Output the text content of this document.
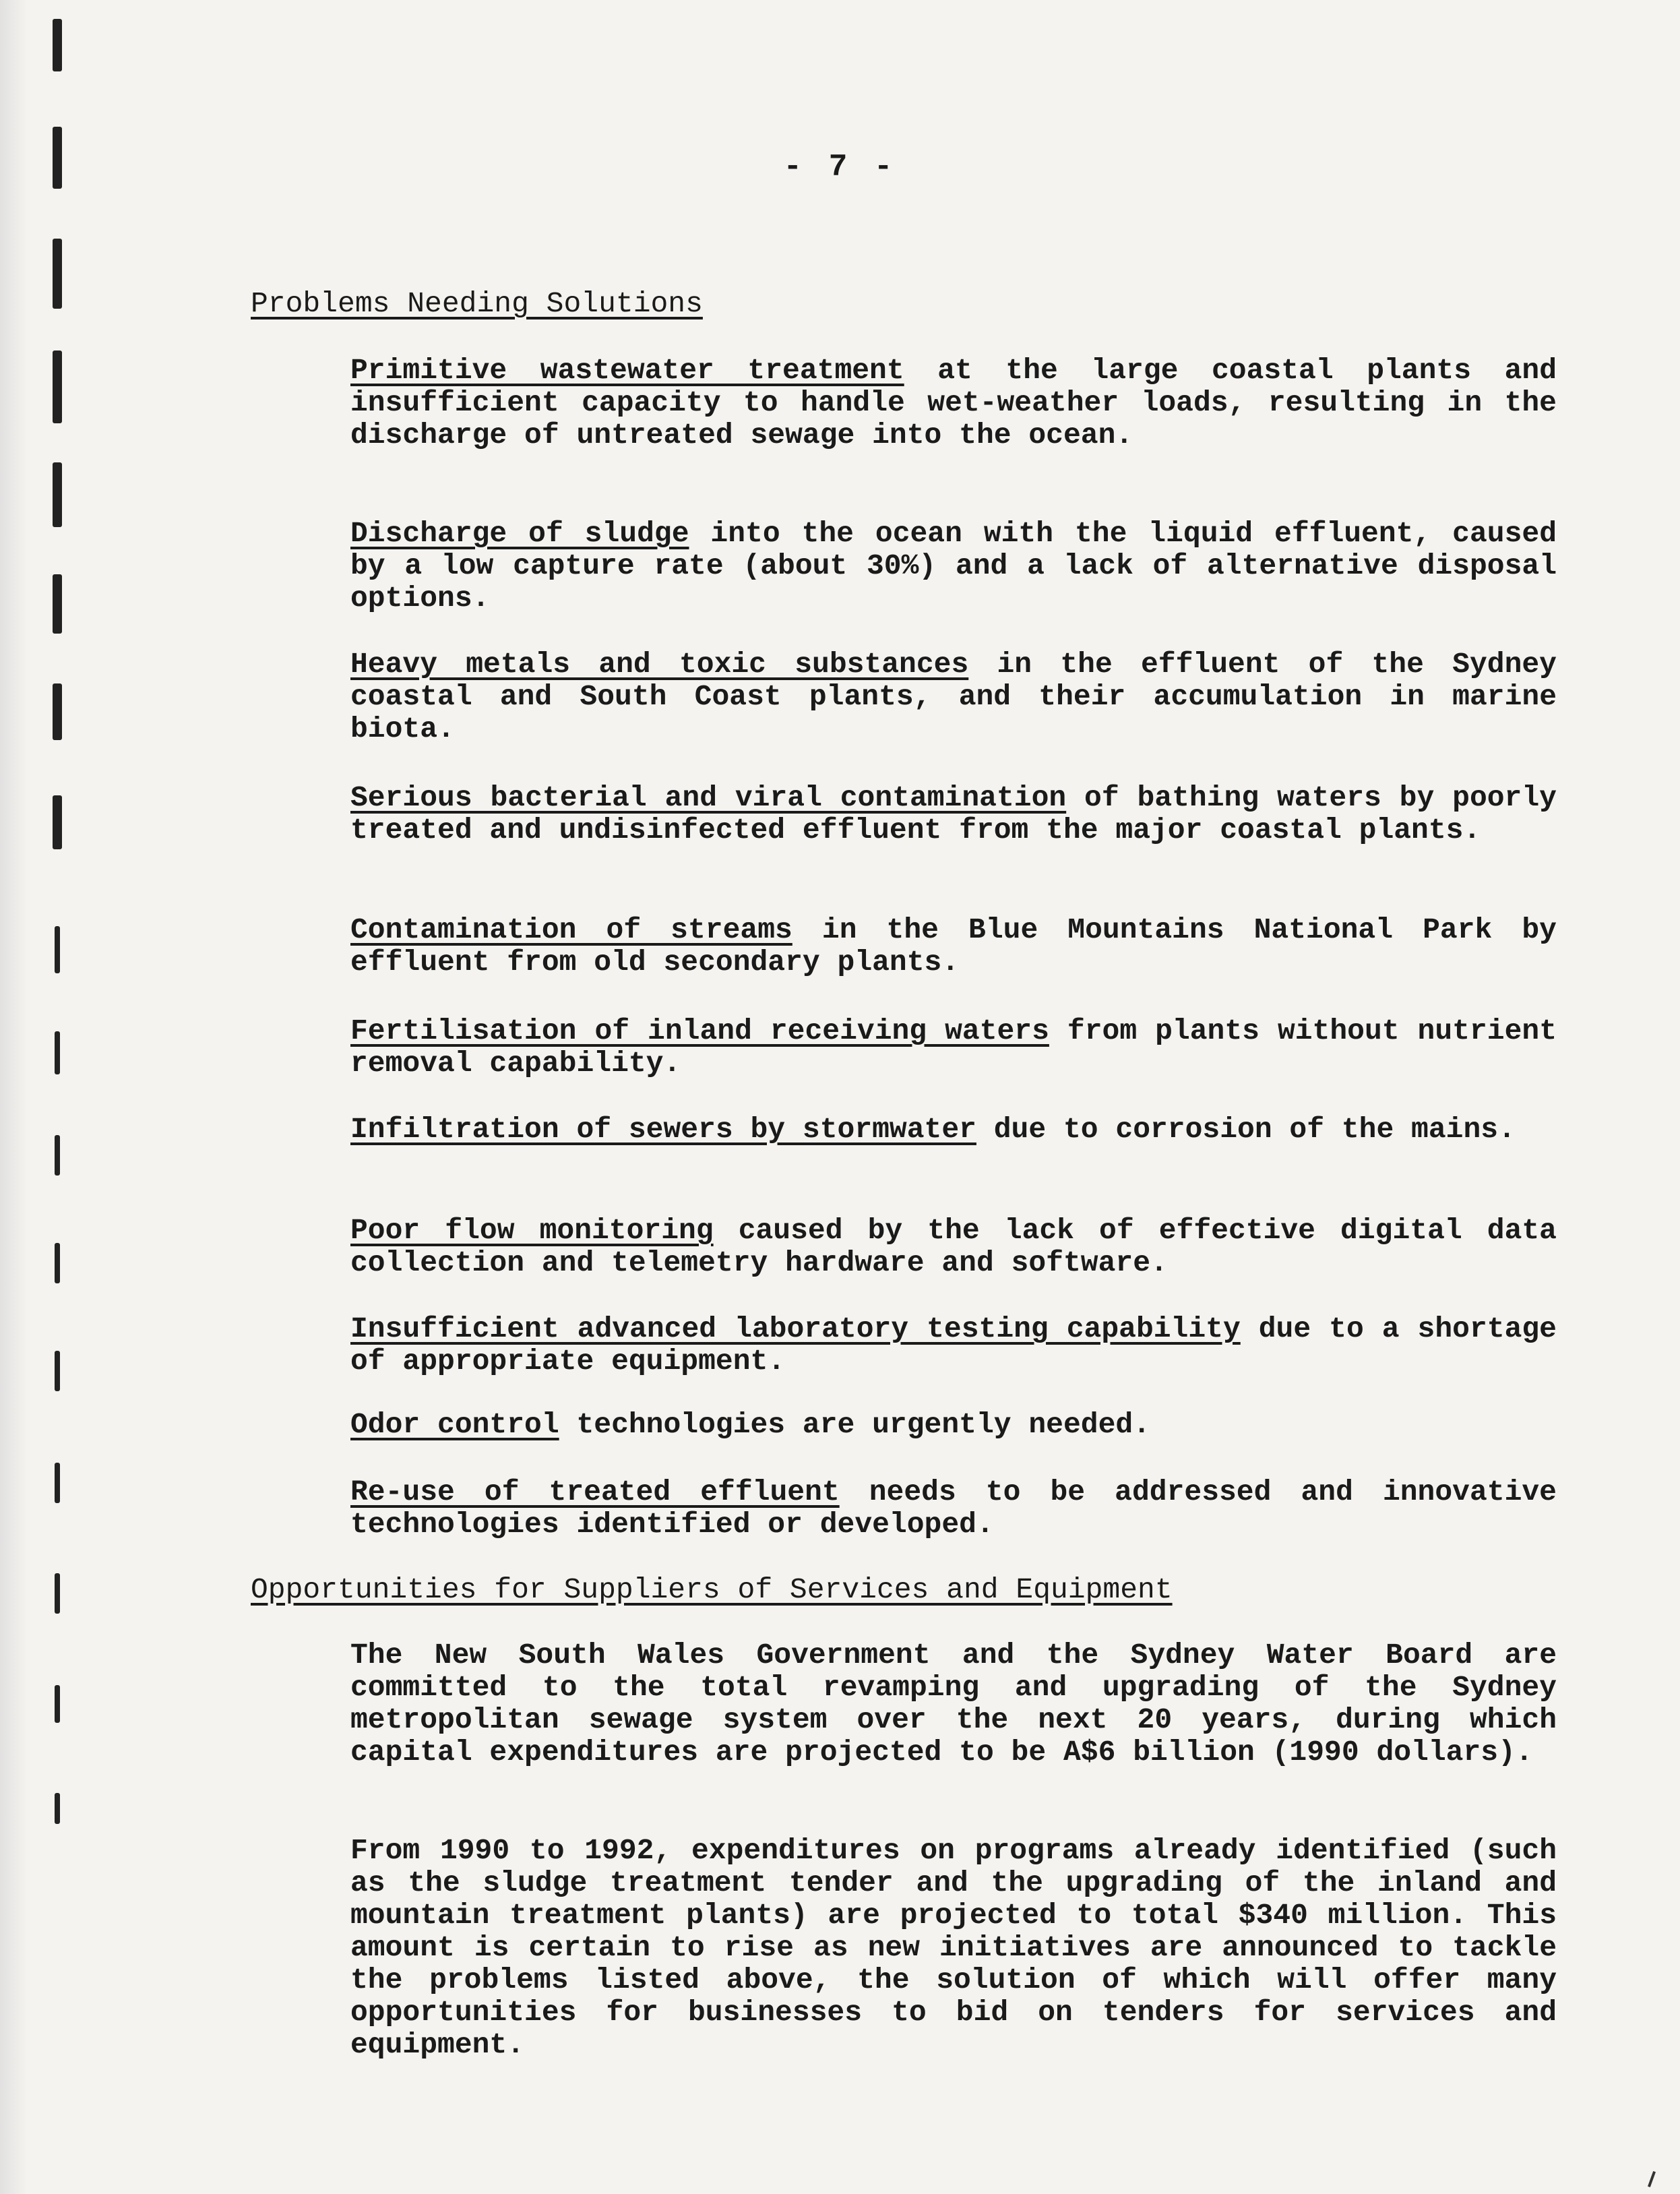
- 7 -
Problems Needing Solutions
Primitive wastewater treatment at the large coastal plants and insufficient capacity to handle wet-weather loads, resulting in the discharge of untreated sewage into the ocean.
Discharge of sludge into the ocean with the liquid effluent, caused by a low capture rate (about 30%) and a lack of alternative disposal options.
Heavy metals and toxic substances in the effluent of the Sydney coastal and South Coast plants, and their accumulation in marine biota.
Serious bacterial and viral contamination of bathing waters by poorly treated and undisinfected effluent from the major coastal plants.
Contamination of streams in the Blue Mountains National Park by effluent from old secondary plants.
Fertilisation of inland receiving waters from plants without nutrient removal capability.
Infiltration of sewers by stormwater due to corrosion of the mains.
Poor flow monitoring caused by the lack of effective digital data collection and telemetry hardware and software.
Insufficient advanced laboratory testing capability due to a shortage of appropriate equipment.
Odor control technologies are urgently needed.
Re-use of treated effluent needs to be addressed and innovative technologies identified or developed.
Opportunities for Suppliers of Services and Equipment
The New South Wales Government and the Sydney Water Board are committed to the total revamping and upgrading of the Sydney metropolitan sewage system over the next 20 years, during which capital expenditures are projected to be A$6 billion (1990 dollars).
From 1990 to 1992, expenditures on programs already identified (such as the sludge treatment tender and the upgrading of the inland and mountain treatment plants) are projected to total $340 million. This amount is certain to rise as new initiatives are announced to tackle the problems listed above, the solution of which will offer many opportunities for businesses to bid on tenders for services and equipment.
